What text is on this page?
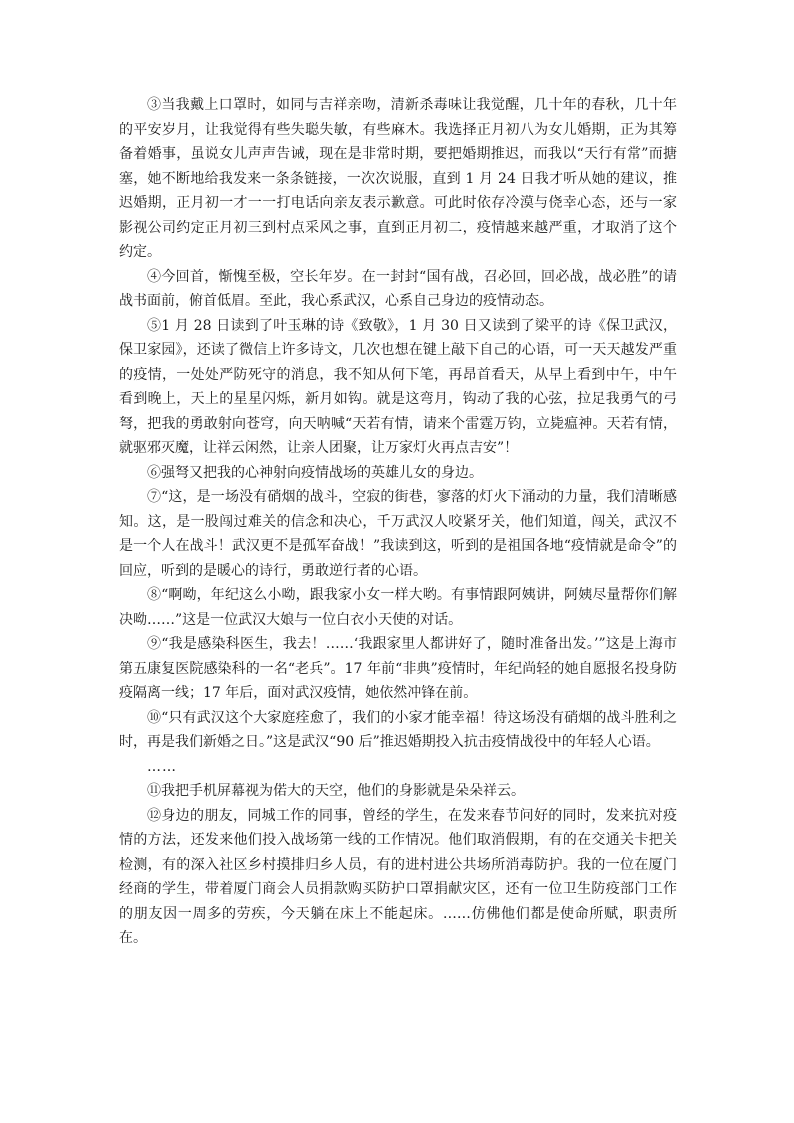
③当我戴上口罩时，如同与吉祥亲吻，清新杀毒味让我觉醒，几十年的春秋，几十年的平安岁月，让我觉得有些失聪失敏，有些麻木。我选择正月初八为女儿婚期，正为其筹备着婚事，虽说女儿声声告诫，现在是非常时期，要把婚期推迟，而我以“天行有常”而搪塞，她不断地给我发来一条条链接，一次次说服，直到 1 月 24 日我才听从她的建议，推迟婚期，正月初一才一一打电话向亲友表示歉意。可此时依存冷漠与侥幸心态，还与一家影视公司约定正月初三到村点采风之事，直到正月初二，疫情越来越严重，才取消了这个约定。

④今回首，惭愧至极，空长年岁。在一封封“国有战，召必回，回必战，战必胜”的请战书面前，俯首低眉。至此，我心系武汉，心系自己身边的疫情动态。

⑤1 月 28 日读到了叶玉琳的诗《致敬》，1 月 30 日又读到了梁平的诗《保卫武汉，保卫家园》，还读了微信上许多诗文，几次也想在键上敲下自己的心语，可一天天越发严重的疫情，一处处严防死守的消息，我不知从何下笔，再昂首看天，从早上看到中午，中午看到晚上，天上的星星闪烁，新月如钩。就是这弯月，钩动了我的心弦，拉足我勇气的弓弩，把我的勇敢射向苍穹，向天呐喊“天若有情，请来个雷霆万钧，立毙瘟神。天若有情，就驱邪灭魔，让祥云闲然，让亲人团聚，让万家灯火再点吉安”！

⑥强弩又把我的心神射向疫情战场的英雄儿女的身边。

⑦“这，是一场没有硝烟的战斗，空寂的街巷，寥落的灯火下涌动的力量，我们清晰感知。这，是一股闯过难关的信念和决心，千万武汉人咬紧牙关，他们知道，闯关，武汉不是一个人在战斗！武汉更不是孤军奋战！”我读到这，听到的是祖国各地“疫情就是命令”的回应，听到的是暖心的诗行，勇敢逆行者的心语。

⑧“啊呦，年纪这么小呦，跟我家小女一样大哟。有事情跟阿姨讲，阿姨尽量帮你们解决呦……”这是一位武汉大娘与一位白衣小天使的对话。

⑨“我是感染科医生，我去！……‘我跟家里人都讲好了，随时准备出发。’”这是上海市第五康复医院感染科的一名“老兵”。17 年前“非典”疫情时，年纪尚轻的她自愿报名投身防疫隔离一线；17 年后，面对武汉疫情，她依然冲锋在前。

⑩“只有武汉这个大家庭痊愈了，我们的小家才能幸福！待这场没有硝烟的战斗胜利之时，再是我们新婚之日。”这是武汉“90 后”推迟婚期投入抗击疫情战役中的年轻人心语。

……

⑪我把手机屏幕视为偌大的天空，他们的身影就是朵朵祥云。

⑫身边的朋友，同城工作的同事，曾经的学生，在发来春节问好的同时，发来抗对疫情的方法，还发来他们投入战场第一线的工作情况。他们取消假期，有的在交通关卡把关检测，有的深入社区乡村摸排归乡人员，有的进村进公共场所消毒防护。我的一位在厦门经商的学生，带着厦门商会人员捐款购买防护口罩捐献灾区，还有一位卫生防疫部门工作的朋友因一周多的劳疾，今天躺在床上不能起床。……仿佛他们都是使命所赋，职责所在。
